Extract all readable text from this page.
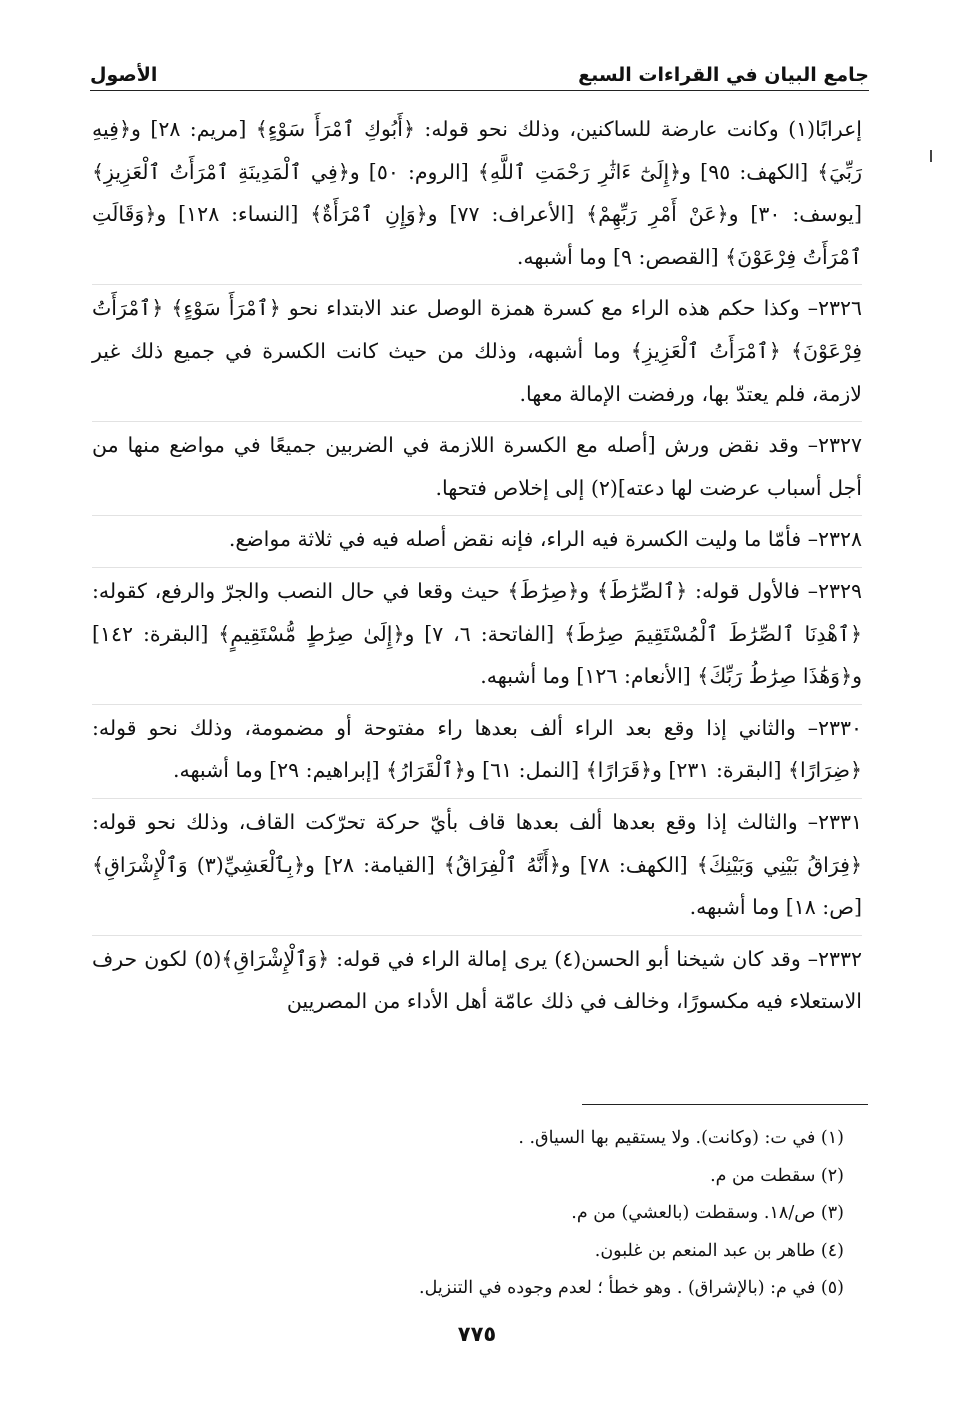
جامع البيان في القراءات السبع
الأصول

إعرابًا(١) وكانت عارضة للساكنين، وذلك نحو قوله: ﴿أَبُوكِ ٱمْرَأَ سَوْءٍ﴾ [مريم: ٢٨] و﴿فِيهِ رَبِّيَ﴾ [الكهف: ٩٥] و﴿إِلَىٰٓ ءَاثَٰرِ رَحْمَتِ ٱللَّهِ﴾ [الروم: ٥٠] و﴿فِي ٱلْمَدِينَةِ ٱمْرَأَتُ ٱلْعَزِيزِ﴾ [يوسف: ٣٠] و﴿عَنْ أَمْرِ رَبِّهِمْ﴾ [الأعراف: ٧٧] و﴿وَإِنِ ٱمْرَأَةٌ﴾ [النساء: ١٢٨] و﴿وَقَالَتِ ٱمْرَأَتُ فِرْعَوْنَ﴾ [القصص: ٩] وما أشبهه.

٢٣٢٦– وكذا حكم هذه الراء مع كسرة همزة الوصل عند الابتداء نحو ﴿ٱمْرَأَ سَوْءٍ﴾ ﴿ٱمْرَأَتُ فِرْعَوْنَ﴾ ﴿ٱمْرَأَتُ ٱلْعَزِيزِ﴾ وما أشبهه، وذلك من حيث كانت الكسرة في جميع ذلك غير لازمة، فلم يعتدّ بها، ورفضت الإمالة معها.

٢٣٢٧– وقد نقض ورش [أصله مع الكسرة اللازمة في الضربين جميعًا في مواضع منها من أجل أسباب عرضت لها دعته](٢) إلى إخلاص فتحها.

٢٣٢٨– فأمّا ما وليت الكسرة فيه الراء، فإنه نقض أصله فيه في ثلاثة مواضع.

٢٣٢٩– فالأول قوله: ﴿ٱلصِّرَٰطَ﴾ و﴿صِرَٰطَ﴾ حيث وقعا في حال النصب والجرّ والرفع، كقوله: ﴿ٱهْدِنَا ٱلصِّرَٰطَ ٱلْمُسْتَقِيمَ صِرَٰطَ﴾ [الفاتحة: ٦، ٧] و﴿إِلَىٰ صِرَٰطٍ مُّسْتَقِيمٍ﴾ [البقرة: ١٤٢] و﴿وَهَٰذَا صِرَٰطُ رَبِّكَ﴾ [الأنعام: ١٢٦] وما أشبهه.

٢٣٣٠– والثاني إذا وقع بعد الراء ألف بعدها راء مفتوحة أو مضمومة، وذلك نحو قوله: ﴿ضِرَارًا﴾ [البقرة: ٢٣١] و﴿قَرَارًا﴾ [النمل: ٦١] و﴿ٱلْقَرَارُ﴾ [إبراهيم: ٢٩] وما أشبهه.

٢٣٣١– والثالث إذا وقع بعدها ألف بعدها قاف بأيّ حركة تحرّكت القاف، وذلك نحو قوله: ﴿فِرَاقُ بَيْنِي وَبَيْنِكَ﴾ [الكهف: ٧٨] و﴿أَنَّهُ ٱلْفِرَاقُ﴾ [القيامة: ٢٨] و﴿بِٱلْعَشِيِّ(٣) وَٱلْإِشْرَاقِ﴾ [ص: ١٨] وما أشبهه.

٢٣٣٢– وقد كان شيخنا أبو الحسن(٤) يرى إمالة الراء في قوله: ﴿وَٱلْإِشْرَاقِ﴾(٥) لكون حرف الاستعلاء فيه مكسورًا، وخالف في ذلك عامّة أهل الأداء من المصريين

(١) في ت: (وكانت). ولا يستقيم بها السياق. .
(٢) سقطت من م.
(٣) ص/١٨. وسقطت (بالعشي) من م.
(٤) طاهر بن عبد المنعم بن غلبون.
(٥) في م: (بالإشراق) . وهو خطأ ؛ لعدم وجوده في التنزيل.
٧٧٥
